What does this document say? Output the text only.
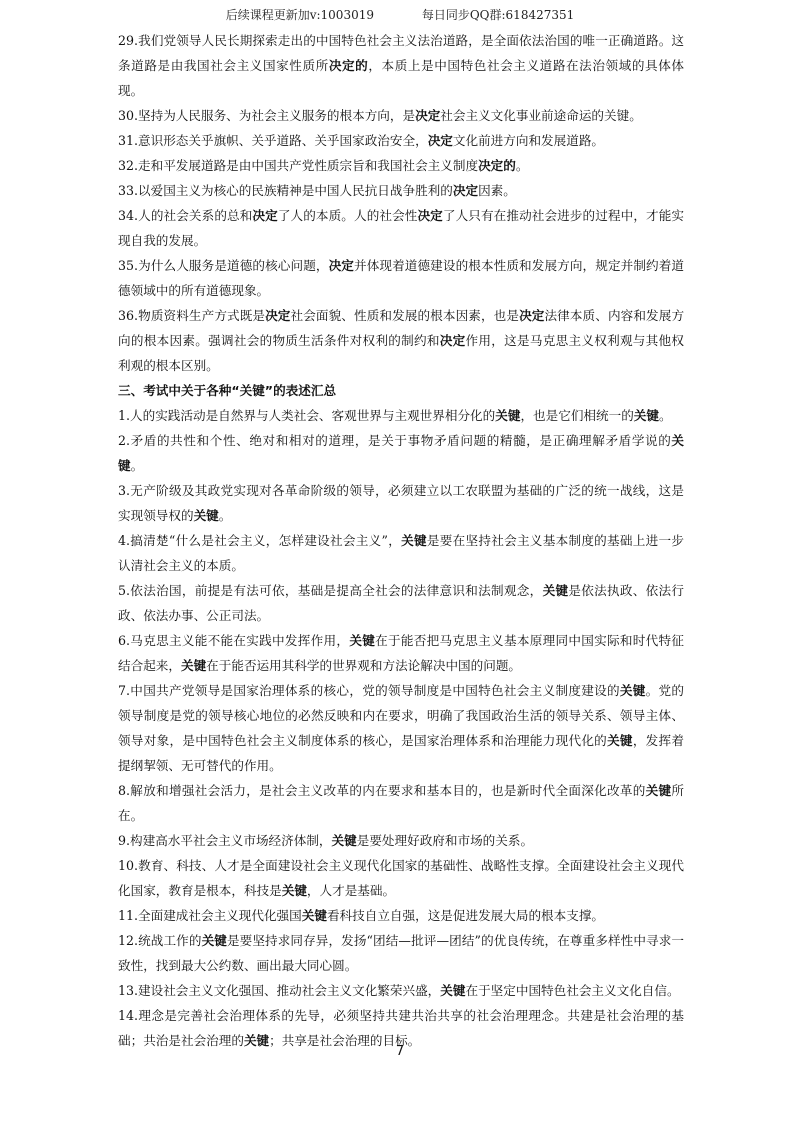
后续课程更新加v:1003019	每日同步QQ群:618427351

29.我们党领导人民长期探索走出的中国特色社会主义法治道路，是全面依法治国的唯一正确道路。这条道路是由我国社会主义国家性质所决定的，本质上是中国特色社会主义道路在法治领域的具体体现。

30.坚持为人民服务、为社会主义服务的根本方向，是决定社会主义文化事业前途命运的关键。

31.意识形态关乎旗帜、关乎道路、关乎国家政治安全，决定文化前进方向和发展道路。

32.走和平发展道路是由中国共产党性质宗旨和我国社会主义制度决定的。

33.以爱国主义为核心的民族精神是中国人民抗日战争胜利的决定因素。

34.人的社会关系的总和决定了人的本质。人的社会性决定了人只有在推动社会进步的过程中，才能实现自我的发展。

35.为什么人服务是道德的核心问题，决定并体现着道德建设的根本性质和发展方向，规定并制约着道德领域中的所有道德现象。

36.物质资料生产方式既是决定社会面貌、性质和发展的根本因素，也是决定法律本质、内容和发展方向的根本因素。强调社会的物质生活条件对权利的制约和决定作用，这是马克思主义权利观与其他权利观的根本区别。

三、考试中关于各种“关键”的表述汇总

1.人的实践活动是自然界与人类社会、客观世界与主观世界相分化的关键，也是它们相统一的关键。

2.矛盾的共性和个性、绝对和相对的道理，是关于事物矛盾问题的精髓，是正确理解矛盾学说的关键。

3.无产阶级及其政党实现对各革命阶级的领导，必须建立以工农联盟为基础的广泛的统一战线，这是实现领导权的关键。

4.搞清楚“什么是社会主义，怎样建设社会主义”，关键是要在坚持社会主义基本制度的基础上进一步认清社会主义的本质。

5.依法治国，前提是有法可依，基础是提高全社会的法律意识和法制观念，关键是依法执政、依法行政、依法办事、公正司法。

6.马克思主义能不能在实践中发挥作用，关键在于能否把马克思主义基本原理同中国实际和时代特征结合起来，关键在于能否运用其科学的世界观和方法论解决中国的问题。

7.中国共产党领导是国家治理体系的核心，党的领导制度是中国特色社会主义制度建设的关键。党的领导制度是党的领导核心地位的必然反映和内在要求，明确了我国政治生活的领导关系、领导主体、领导对象，是中国特色社会主义制度体系的核心，是国家治理体系和治理能力现代化的关键，发挥着提纲挈领、无可替代的作用。

8.解放和增强社会活力，是社会主义改革的内在要求和基本目的，也是新时代全面深化改革的关键所在。

9.构建高水平社会主义市场经济体制，关键是要处理好政府和市场的关系。

10.教育、科技、人才是全面建设社会主义现代化国家的基础性、战略性支撑。全面建设社会主义现代化国家，教育是根本，科技是关键，人才是基础。

11.全面建成社会主义现代化强国关键看科技自立自强，这是促进发展大局的根本支撑。

12.统战工作的关键是要坚持求同存异，发扬“团结—批评—团结”的优良传统，在尊重多样性中寻求一致性，找到最大公约数、画出最大同心圆。

13.建设社会主义文化强国、推动社会主义文化繁荣兴盛，关键在于坚定中国特色社会主义文化自信。

14.理念是完善社会治理体系的先导，必须坚持共建共治共享的社会治理理念。共建是社会治理的基础；共治是社会治理的关键；共享是社会治理的目标。

7
